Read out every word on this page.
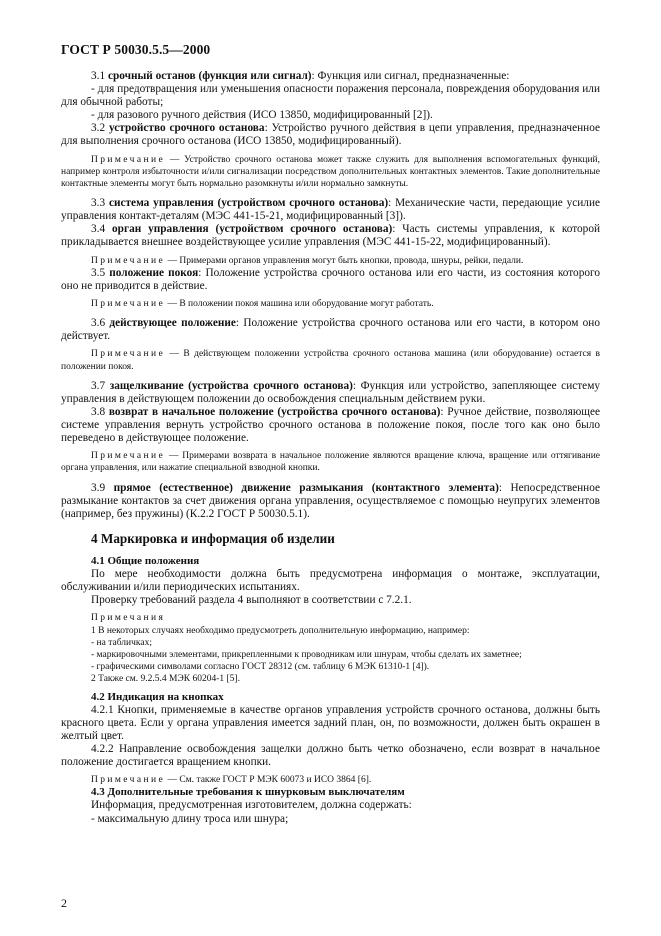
ГОСТ Р 50030.5.5—2000

3.1 срочный останов (функция или сигнал): Функция или сигнал, предназначенные:

- для предотвращения или уменьшения опасности поражения персонала, повреждения оборудования или для обычной работы;

- для разового ручного действия (ИСО 13850, модифицированный [2]).

3.2 устройство срочного останова: Устройство ручного действия в цепи управления, предназначенное для выполнения срочного останова (ИСО 13850, модифицированный).

Примечание — Устройство срочного останова может также служить для выполнения вспомогательных функций, например контроля избыточности и/или сигнализации посредством дополнительных контактных элементов. Такие дополнительные контактные элементы могут быть нормально разомкнуты и/или нормально замкнуты.

3.3 система управления (устройством срочного останова): Механические части, передающие усилие управления контакт-деталям (МЭС 441-15-21, модифицированный [3]).

3.4 орган управления (устройством срочного останова): Часть системы управления, к которой прикладывается внешнее воздействующее усилие управления (МЭС 441-15-22, модифицированный).

Примечание — Примерами органов управления могут быть кнопки, провода, шнуры, рейки, педали.

3.5 положение покоя: Положение устройства срочного останова или его части, из состояния которого оно не приводится в действие.

Примечание — В положении покоя машина или оборудование могут работать.

3.6 действующее положение: Положение устройства срочного останова или его части, в котором оно действует.

Примечание — В действующем положении устройства срочного останова машина (или оборудование) остается в положении покоя.

3.7 защелкивание (устройства срочного останова): Функция или устройство, запепляющее систему управления в действующем положении до освобождения специальным действием руки.

3.8 возврат в начальное положение (устройства срочного останова): Ручное действие, позволяющее системе управления вернуть устройство срочного останова в положение покоя, после того как оно было переведено в действующее положение.

Примечание — Примерами возврата в начальное положение являются вращение ключа, вращение или оттягивание органа управления, или нажатие специальной взводной кнопки.

3.9 прямое (естественное) движение размыкания (контактного элемента): Непосредственное размыкание контактов за счет движения органа управления, осуществляемое с помощью неупругих элементов (например, без пружины) (К.2.2 ГОСТ Р 50030.5.1).

4 Маркировка и информация об изделии

4.1 Общие положения

По мере необходимости должна быть предусмотрена информация о монтаже, эксплуатации, обслуживании и/или периодических испытаниях.

Проверку требований раздела 4 выполняют в соответствии с 7.2.1.

Примечания

1 В некоторых случаях необходимо предусмотреть дополнительную информацию, например:

- на табличках;

- маркировочными элементами, прикрепленными к проводникам или шнурам, чтобы сделать их заметнее;

- графическими символами согласно ГОСТ 28312 (см. таблицу 6 МЭК 61310-1 [4]).

2 Также см. 9.2.5.4 МЭК 60204-1 [5].

4.2 Индикация на кнопках

4.2.1 Кнопки, применяемые в качестве органов управления устройств срочного останова, должны быть красного цвета. Если у органа управления имеется задний план, он, по возможности, должен быть окрашен в желтый цвет.

4.2.2 Направление освобождения защелки должно быть четко обозначено, если возврат в начальное положение достигается вращением кнопки.

Примечание — См. также ГОСТ Р МЭК 60073 и ИСО 3864 [6].

4.3 Дополнительные требования к шнурковым выключателям

Информация, предусмотренная изготовителем, должна содержать:

- максимальную длину троса или шнура;

2
